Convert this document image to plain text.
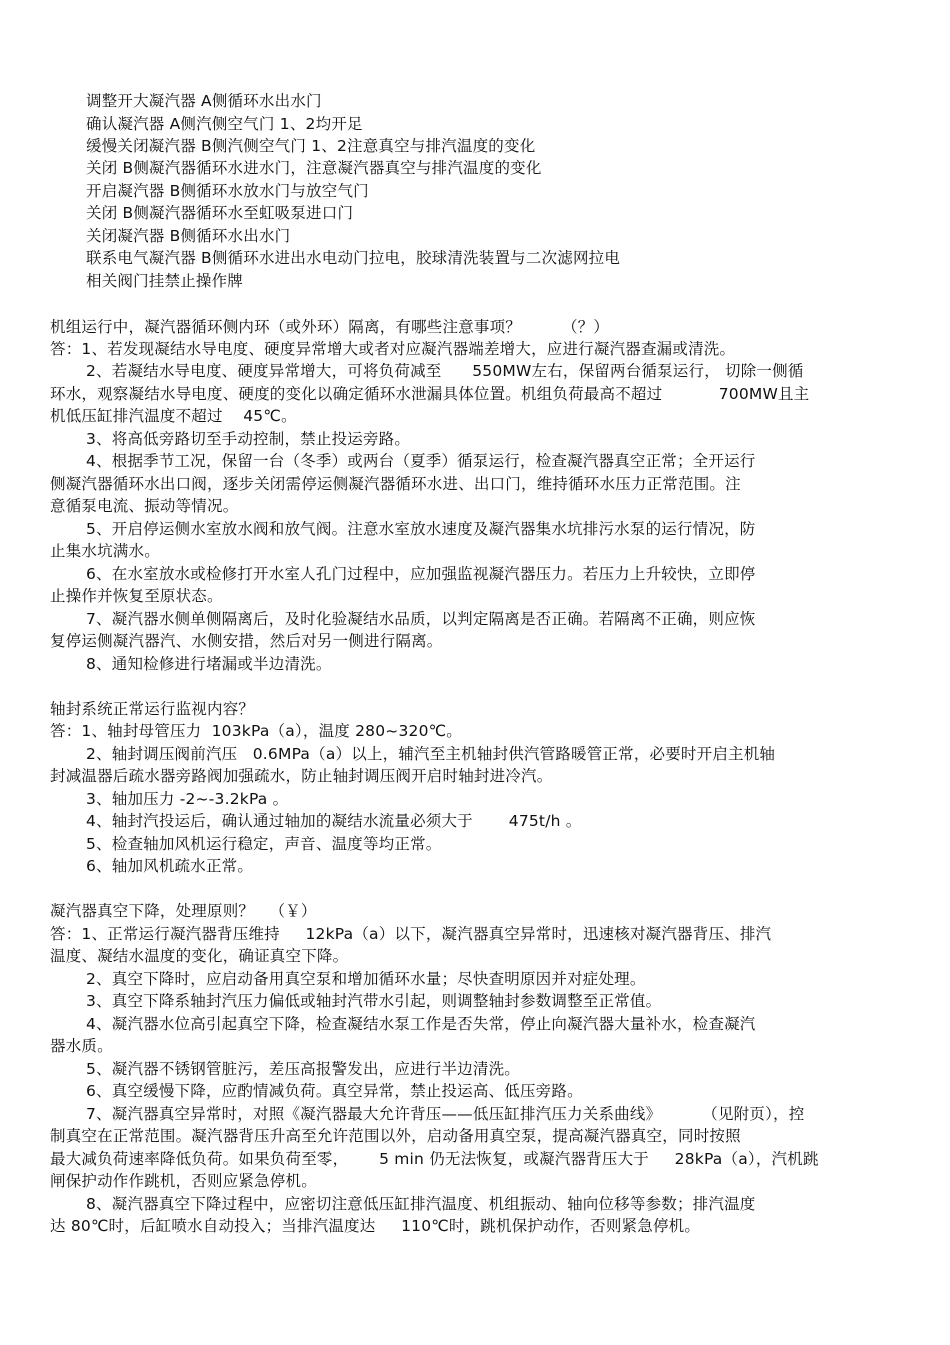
调整开大凝汽器 A侧循环水出水门
确认凝汽器 A侧汽侧空气门 1、2均开足
缓慢关闭凝汽器 B侧汽侧空气门 1、2注意真空与排汽温度的变化
关闭 B侧凝汽器循环水进水门，注意凝汽器真空与排汽温度的变化
开启凝汽器 B侧循环水放水门与放空气门
关闭 B侧凝汽器循环水至虹吸泵进口门
关闭凝汽器 B侧循环水出水门
联系电气凝汽器 B侧循环水进出水电动门拉电，胶球清洗装置与二次滤网拉电
相关阀门挂禁止操作牌
机组运行中，凝汽器循环侧内环（或外环）隔离，有哪些注意事项？        （？）
答：1、若发现凝结水导电度、硬度异常增大或者对应凝汽器端差增大，应进行凝汽器查漏或清洗。
2、若凝结水导电度、硬度异常增大，可将负荷减至      550MW左右，保留两台循泵运行， 切除一侧循
环水，观察凝结水导电度、硬度的变化以确定循环水泄漏具体位置。机组负荷最高不超过           700MW且主
机低压缸排汽温度不超过    45℃。
3、将高低旁路切至手动控制，禁止投运旁路。
4、根据季节工况，保留一台（冬季）或两台（夏季）循泵运行，检查凝汽器真空正常；全开运行
侧凝汽器循环水出口阀，逐步关闭需停运侧凝汽器循环水进、出口门，维持循环水压力正常范围。注
意循泵电流、振动等情况。
5、开启停运侧水室放水阀和放气阀。注意水室放水速度及凝汽器集水坑排污水泵的运行情况，防
止集水坑满水。
6、在水室放水或检修打开水室人孔门过程中，应加强监视凝汽器压力。若压力上升较快，立即停
止操作并恢复至原状态。
7、凝汽器水侧单侧隔离后，及时化验凝结水品质，以判定隔离是否正确。若隔离不正确，则应恢
复停运侧凝汽器汽、水侧安措，然后对另一侧进行隔离。
8、通知检修进行堵漏或半边清洗。
轴封系统正常运行监视内容？
答：1、轴封母管压力  103kPa（a），温度 280~320℃。
2、轴封调压阀前汽压   0.6MPa（a）以上，辅汽至主机轴封供汽管路暖管正常，必要时开启主机轴
封减温器后疏水器旁路阀加强疏水，防止轴封调压阀开启时轴封进冷汽。
3、轴加压力 -2~-3.2kPa 。
4、轴封汽投运后，确认通过轴加的凝结水流量必须大于       475t/h 。
5、检查轴加风机运行稳定，声音、温度等均正常。
6、轴加风机疏水正常。
凝汽器真空下降，处理原则？   （￥）
答：1、正常运行凝汽器背压维持     12kPa（a）以下，凝汽器真空异常时，迅速核对凝汽器背压、排汽
温度、凝结水温度的变化，确证真空下降。
2、真空下降时，应启动备用真空泵和增加循环水量；尽快查明原因并对症处理。
3、真空下降系轴封汽压力偏低或轴封汽带水引起，则调整轴封参数调整至正常值。
4、凝汽器水位高引起真空下降，检查凝结水泵工作是否失常，停止向凝汽器大量补水，检查凝汽
器水质。
5、凝汽器不锈钢管脏污，差压高报警发出，应进行半边清洗。
6、真空缓慢下降，应酌情减负荷。真空异常，禁止投运高、低压旁路。
7、凝汽器真空异常时，对照《凝汽器最大允许背压——低压缸排汽压力关系曲线》        （见附页），控
制真空在正常范围。凝汽器背压升高至允许范围以外，启动备用真空泵，提高凝汽器真空，同时按照
最大减负荷速率降低负荷。如果负荷至零，      5 min 仍无法恢复，或凝汽器背压大于     28kPa（a），汽机跳
闸保护动作作跳机，否则应紧急停机。
8、凝汽器真空下降过程中，应密切注意低压缸排汽温度、机组振动、轴向位移等参数；排汽温度
达 80℃时，后缸喷水自动投入；当排汽温度达     110℃时，跳机保护动作，否则紧急停机。
